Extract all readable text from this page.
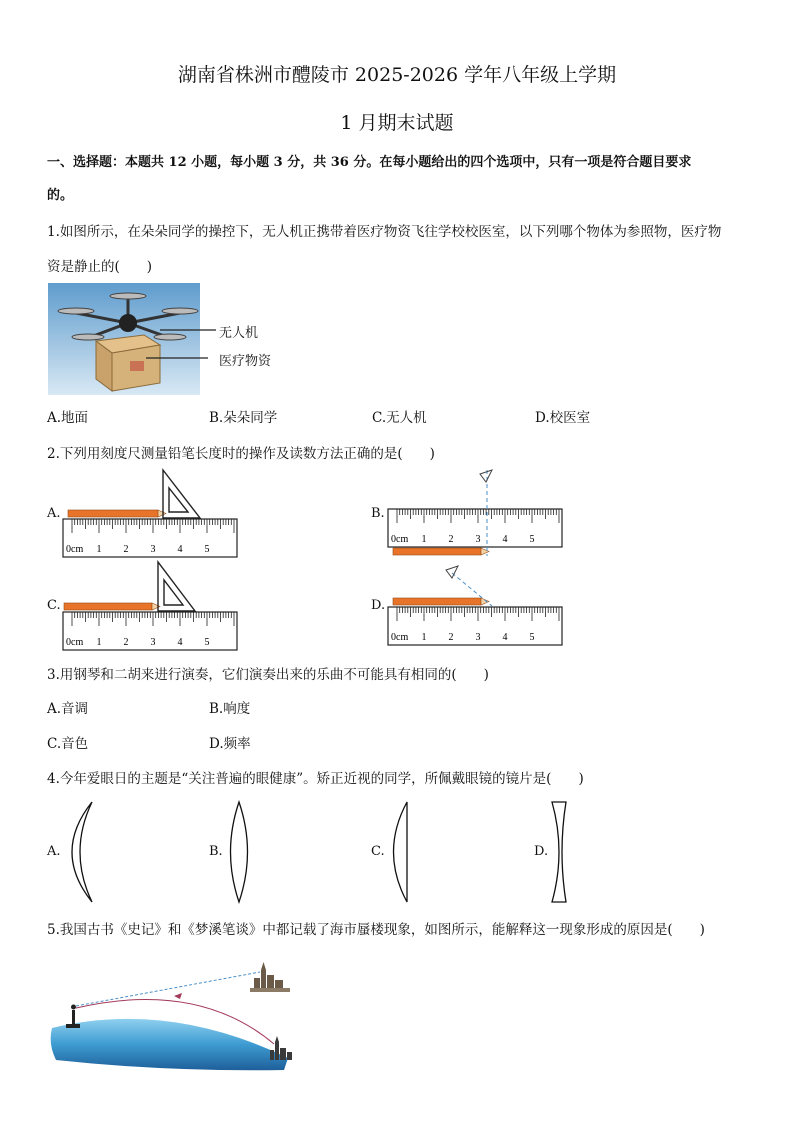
湖南省株洲市醴陵市 2025-2026 学年八年级上学期
1 月期末试题
一、选择题：本题共 12 小题，每小题 3 分，共 36 分。在每小题给出的四个选项中，只有一项是符合题目要求
的。
1.如图所示，在朵朵同学的操控下，无人机正携带着医疗物资飞往学校校医室，以下列哪个物体为参照物，医疗物
资是静止的(　　)
无人机
医疗物资
A.地面	B.朵朵同学	C.无人机	D.校医室
2.下列用刻度尺测量铅笔长度时的操作及读数方法正确的是(　　)
A.	B.
C.	D.
0cm 1 2 3 4 5
0cm 1 2 3 4 5
0cm 1 2 3 4 5	0cm 1 2 3 4 5
3.用钢琴和二胡来进行演奏，它们演奏出来的乐曲不可能具有相同的(　　)
A.音调	B.响度
C.音色	D.频率
4.今年爱眼日的主题是“关注普遍的眼健康”。矫正近视的同学，所佩戴眼镜的镜片是(　　)
A.	B.	C.	D.
5.我国古书《史记》和《梦溪笔谈》中都记载了海市蜃楼现象，如图所示，能解释这一现象形成的原因是(　　)
